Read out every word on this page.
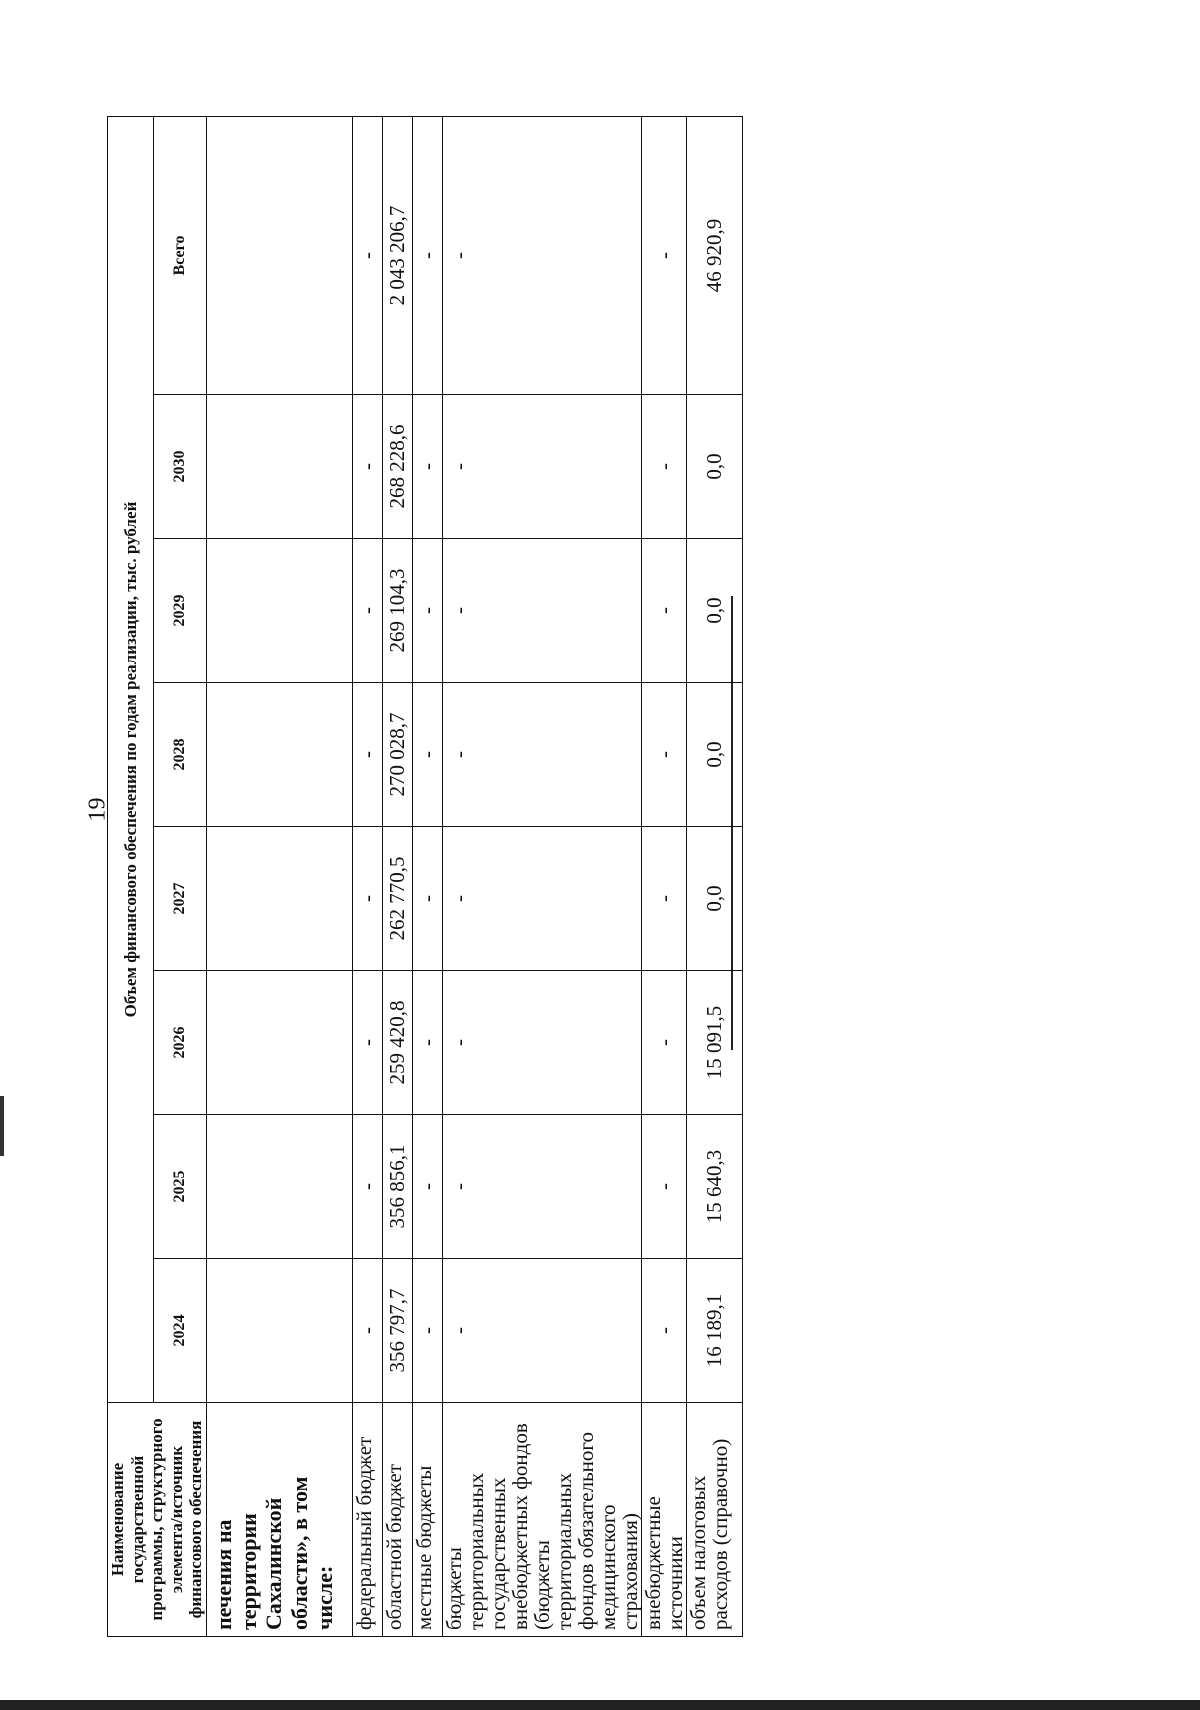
19
Наименование государственной программы, структурного элемента/источник финансового обеспечения	Объем финансового обеспечения по годам реализации, тыс. рублей							
	2024	2025	2026	2027	2028	2029	2030	Всего
печения на территории Сахалинской области», в том числе:								
федеральный бюджет	-	-	-	-	-	-	-	-
областной бюджет	356 797,7	356 856,1	259 420,8	262 770,5	270 028,7	269 104,3	268 228,6	2 043 206,7
местные бюджеты	-	-	-	-	-	-	-	-
бюджеты территориальных государственных внебюджетных фондов (бюджеты территориальных фондов обязательного медицинского страхования)	-	-	-	-	-	-	-	-
внебюджетные источники	-	-	-	-	-	-	-	-
объем налоговых расходов (справочно)	16 189,1	15 640,3	15 091,5	0,0	0,0	0,0	0,0	46 920,9
